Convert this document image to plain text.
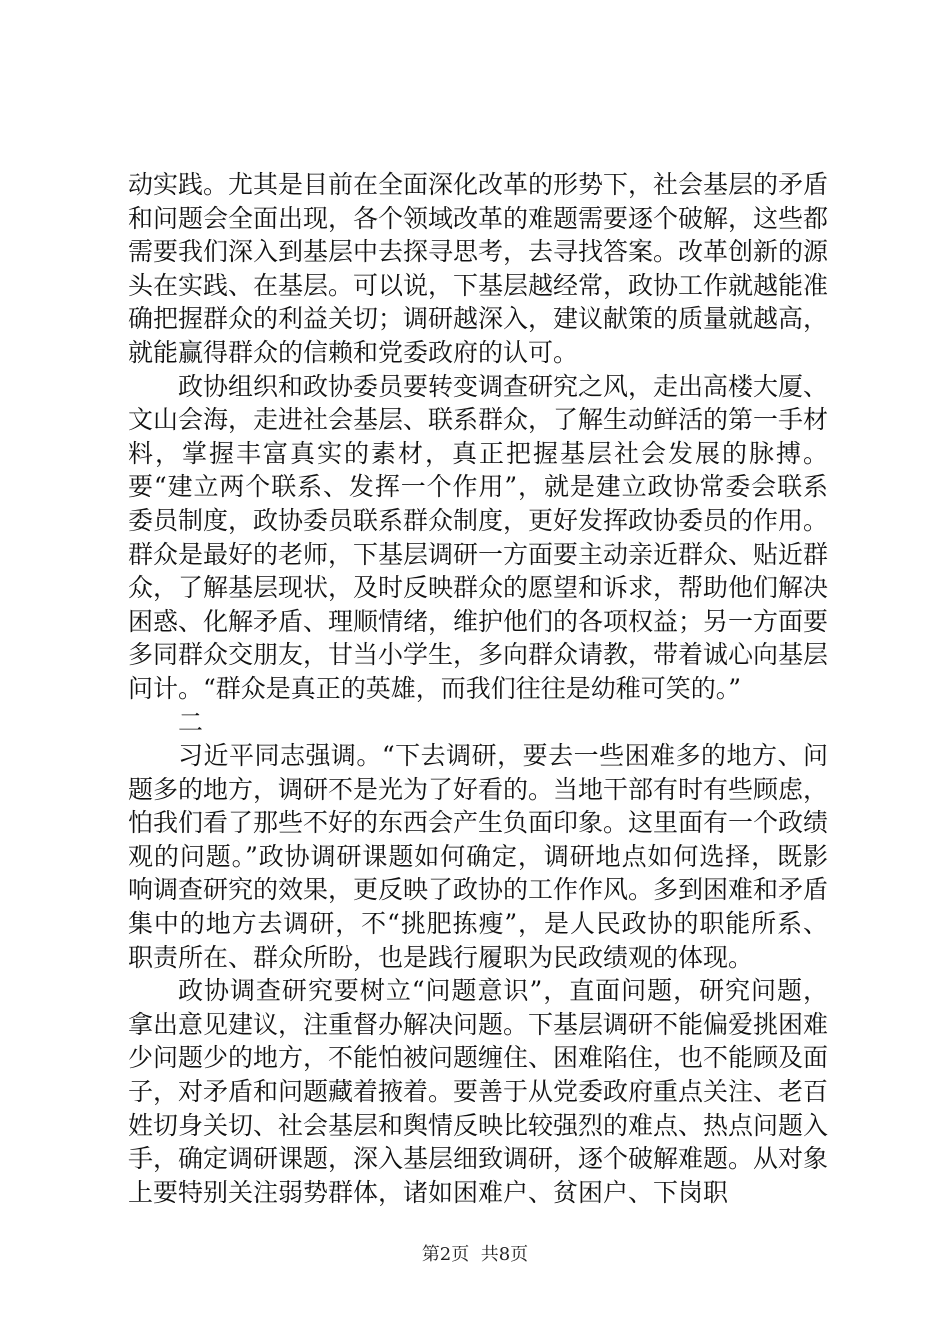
动实践。尤其是目前在全面深化改革的形势下，社会基层的矛盾和问题会全面出现，各个领域改革的难题需要逐个破解，这些都需要我们深入到基层中去探寻思考，去寻找答案。改革创新的源头在实践、在基层。可以说，下基层越经常，政协工作就越能准确把握群众的利益关切；调研越深入，建议献策的质量就越高，就能赢得群众的信赖和党委政府的认可。

政协组织和政协委员要转变调查研究之风，走出高楼大厦、文山会海，走进社会基层、联系群众，了解生动鲜活的第一手材料，掌握丰富真实的素材，真正把握基层社会发展的脉搏。要“建立两个联系、发挥一个作用”，就是建立政协常委会联系委员制度，政协委员联系群众制度，更好发挥政协委员的作用。群众是最好的老师，下基层调研一方面要主动亲近群众、贴近群众，了解基层现状，及时反映群众的愿望和诉求，帮助他们解决困惑、化解矛盾、理顺情绪，维护他们的各项权益；另一方面要多同群众交朋友，甘当小学生，多向群众请教，带着诚心向基层问计。“群众是真正的英雄，而我们往往是幼稚可笑的。”

二

习近平同志强调。“下去调研，要去一些困难多的地方、问题多的地方，调研不是光为了好看的。当地干部有时有些顾虑，怕我们看了那些不好的东西会产生负面印象。这里面有一个政绩观的问题。”政协调研课题如何确定，调研地点如何选择，既影响调查研究的效果，更反映了政协的工作作风。多到困难和矛盾集中的地方去调研，不“挑肥拣瘦”，是人民政协的职能所系、职责所在、群众所盼，也是践行履职为民政绩观的体现。

政协调查研究要树立“问题意识”，直面问题，研究问题，拿出意见建议，注重督办解决问题。下基层调研不能偏爱挑困难少问题少的地方，不能怕被问题缠住、困难陷住，也不能顾及面子，对矛盾和问题藏着掖着。要善于从党委政府重点关注、老百姓切身关切、社会基层和舆情反映比较强烈的难点、热点问题入手，确定调研课题，深入基层细致调研，逐个破解难题。从对象上要特别关注弱势群体，诸如困难户、贫困户、下岗职

第2页 共8页
